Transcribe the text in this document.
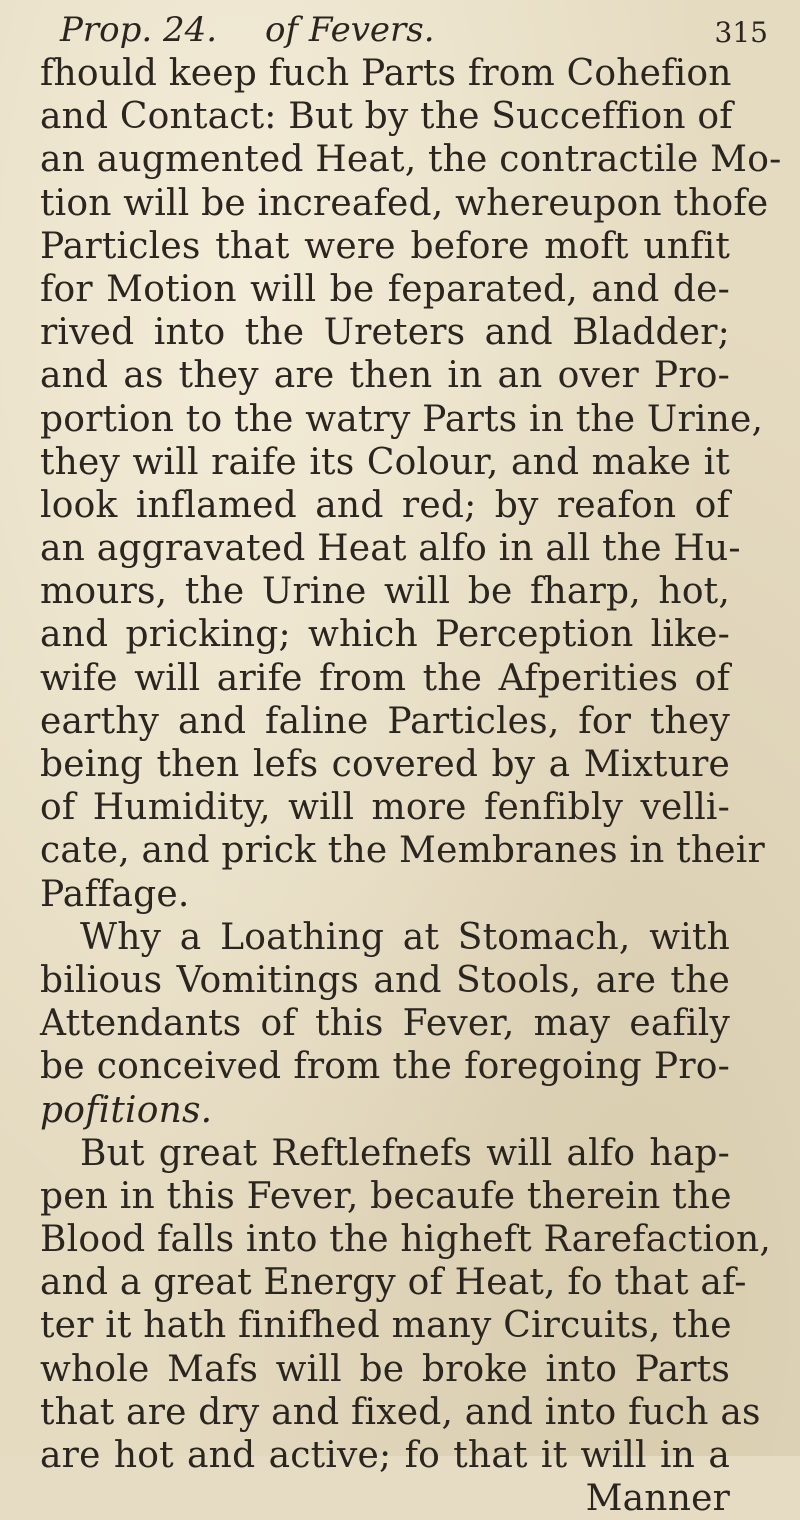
Prop. 24. of Fevers.	315
fhould keep fuch Parts from Cohefion
and Contact: But by the Succeffion of
an augmented Heat, the contractile Mo-
tion will be increafed, whereupon thofe
Particles that were before moft unfit
for Motion will be feparated, and de-
rived into the Ureters and Bladder;
and as they are then in an over Pro-
portion to the watry Parts in the Urine,
they will raife its Colour, and make it
look inflamed and red; by reafon of
an aggravated Heat alfo in all the Hu-
mours, the Urine will be fharp, hot,
and pricking; which Perception like-
wife will arife from the Afperities of
earthy and faline Particles, for they
being then lefs covered by a Mixture
of Humidity, will more fenfibly velli-
cate, and prick the Membranes in their
Paffage.
Why a Loathing at Stomach, with
bilious Vomitings and Stools, are the
Attendants of this Fever, may eafily
be conceived from the foregoing Pro-
pofitions.
But great Reftlefnefs will alfo hap-
pen in this Fever, becaufe therein the
Blood falls into the higheft Rarefaction,
and a great Energy of Heat, fo that af-
ter it hath finifhed many Circuits, the
whole Mafs will be broke into Parts
that are dry and fixed, and into fuch as
are hot and active; fo that it will in a
Manner
